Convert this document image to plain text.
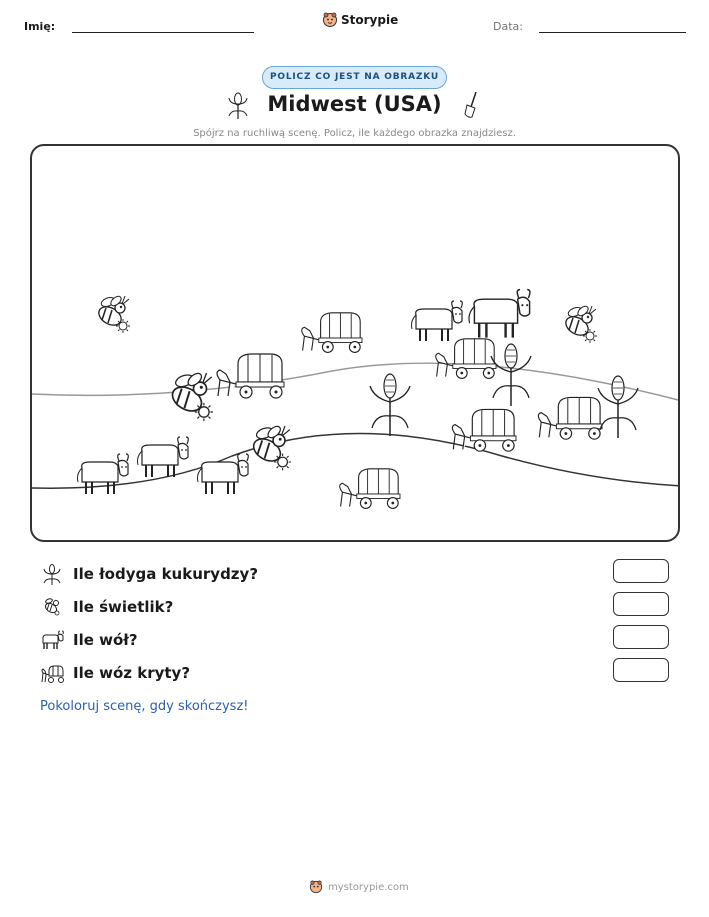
Imię:	Storypie	Data:
POLICZ CO JEST NA OBRAZKU
Midwest (USA)
Spójrz na ruchliwą scenę. Policz, ile każdego obrazka znajdziesz.
Ile łodyga kukurydzy?
Ile świetlik?
Ile wół?
Ile wóz kryty?
Pokoloruj scenę, gdy skończysz!
mystorypie.com
